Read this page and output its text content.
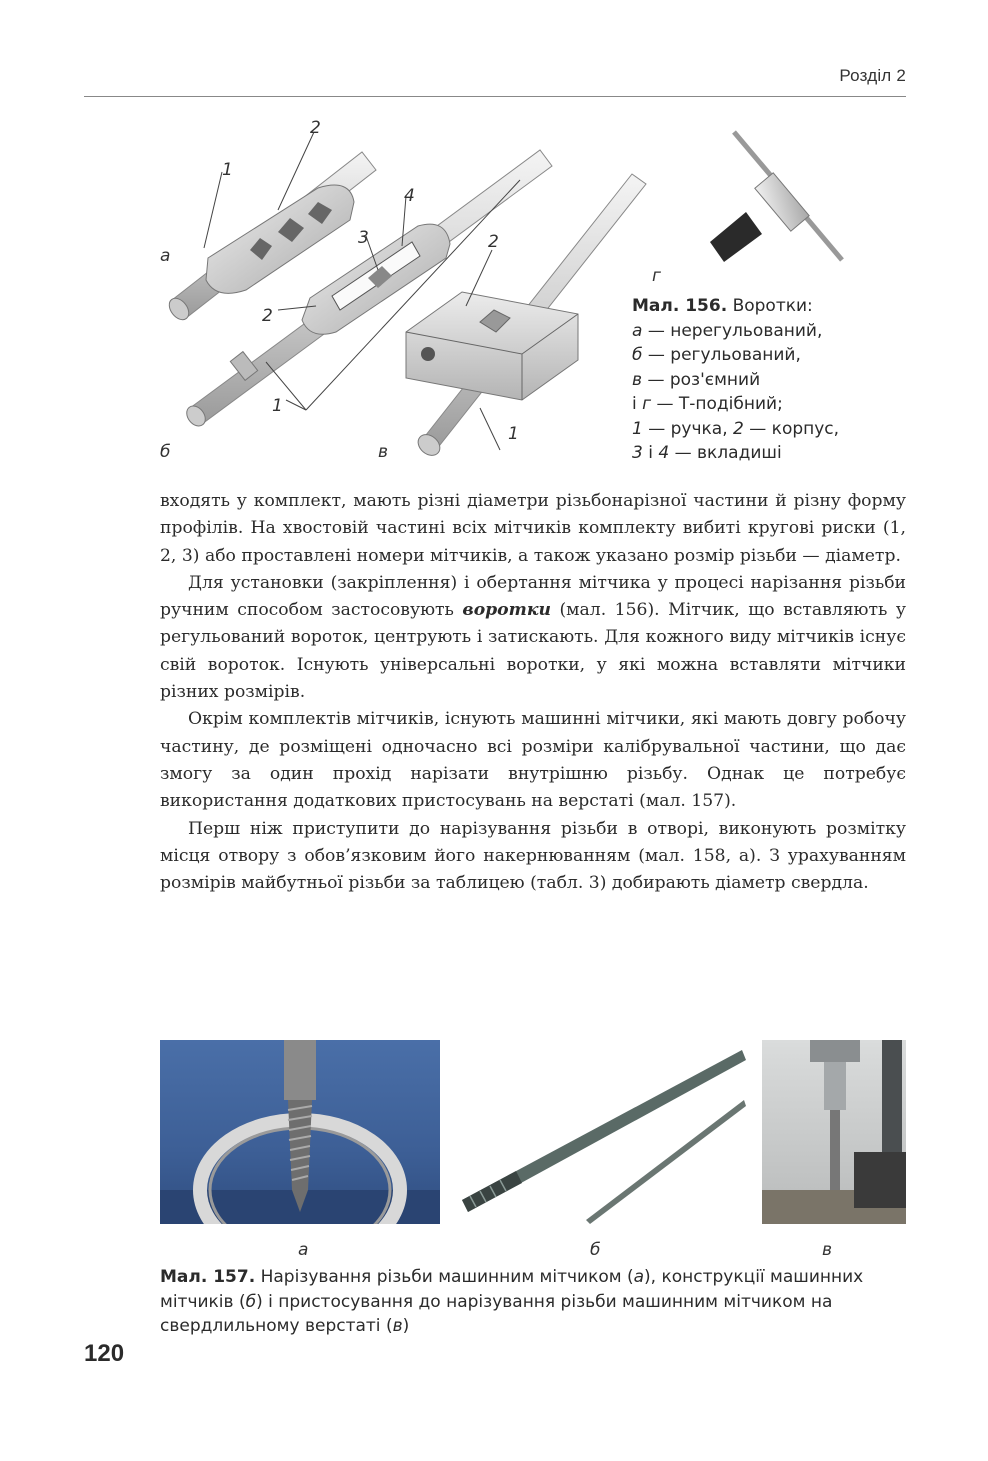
Розділ 2
1
2
3
4
2
2
1
1
а
б	в
г
Мал. 156. Воротки:
а — нерегульований,
б — регульований,
в — роз'ємний
і г — Т-подібний;
1 — ручка, 2 — корпус,
3 і 4 — вкладиші

входять у комплект, мають різні діаметри різьбонарізної частини й різну форму профілів. На хвостовій частині всіх мітчиків комплекту вибиті кругові риски (1, 2, 3) або проставлені номери мітчиків, а також указано розмір різьби — діаметр.

Для установки (закріплення) і обертання мітчика у процесі нарізання різьби ручним способом застосовують воротки (мал. 156). Мітчик, що вставляють у регульований вороток, центрують і затискають. Для кожного виду мітчиків існує свій вороток. Існують універсальні воротки, у які можна вставляти мітчики різних розмірів.

Окрім комплектів мітчиків, існують машинні мітчики, які мають довгу робочу частину, де розміщені одночасно всі розміри калібрувальної частини, що дає змогу за один прохід нарізати внутрішню різьбу. Однак це потребує використання додаткових пристосувань на верстаті (мал. 157).

Перш ніж приступити до нарізування різьби в отворі, виконують розмітку місця отвору з обов’язковим його накернюванням (мал. 158, а). З урахуванням розмірів майбутньої різьби за таблицею (табл. 3) добирають діаметр свердла.

а	б	в
Мал. 157. Нарізування різьби машинним мітчиком (а), конструкції машинних мітчиків (б) і пристосування до нарізування різьби машинним мітчиком на свердлильному верстаті (в)
120
